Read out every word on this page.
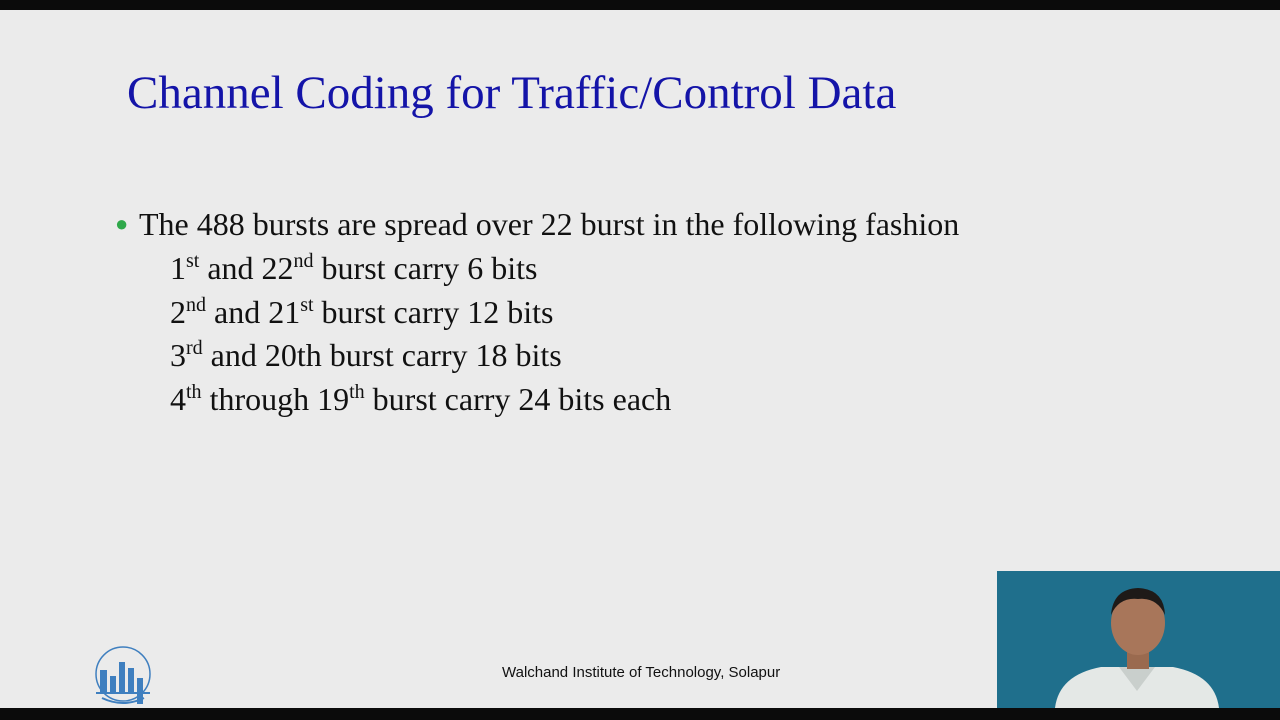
Channel Coding for Traffic/Control Data
● The 488 bursts are spread over 22 burst in the following fashion
1st and 22nd burst carry 6 bits
2nd and 21st burst carry 12 bits
3rd and 20th burst carry 18 bits
4th through 19th burst carry 24 bits each
Walchand Institute of Technology, Solapur
